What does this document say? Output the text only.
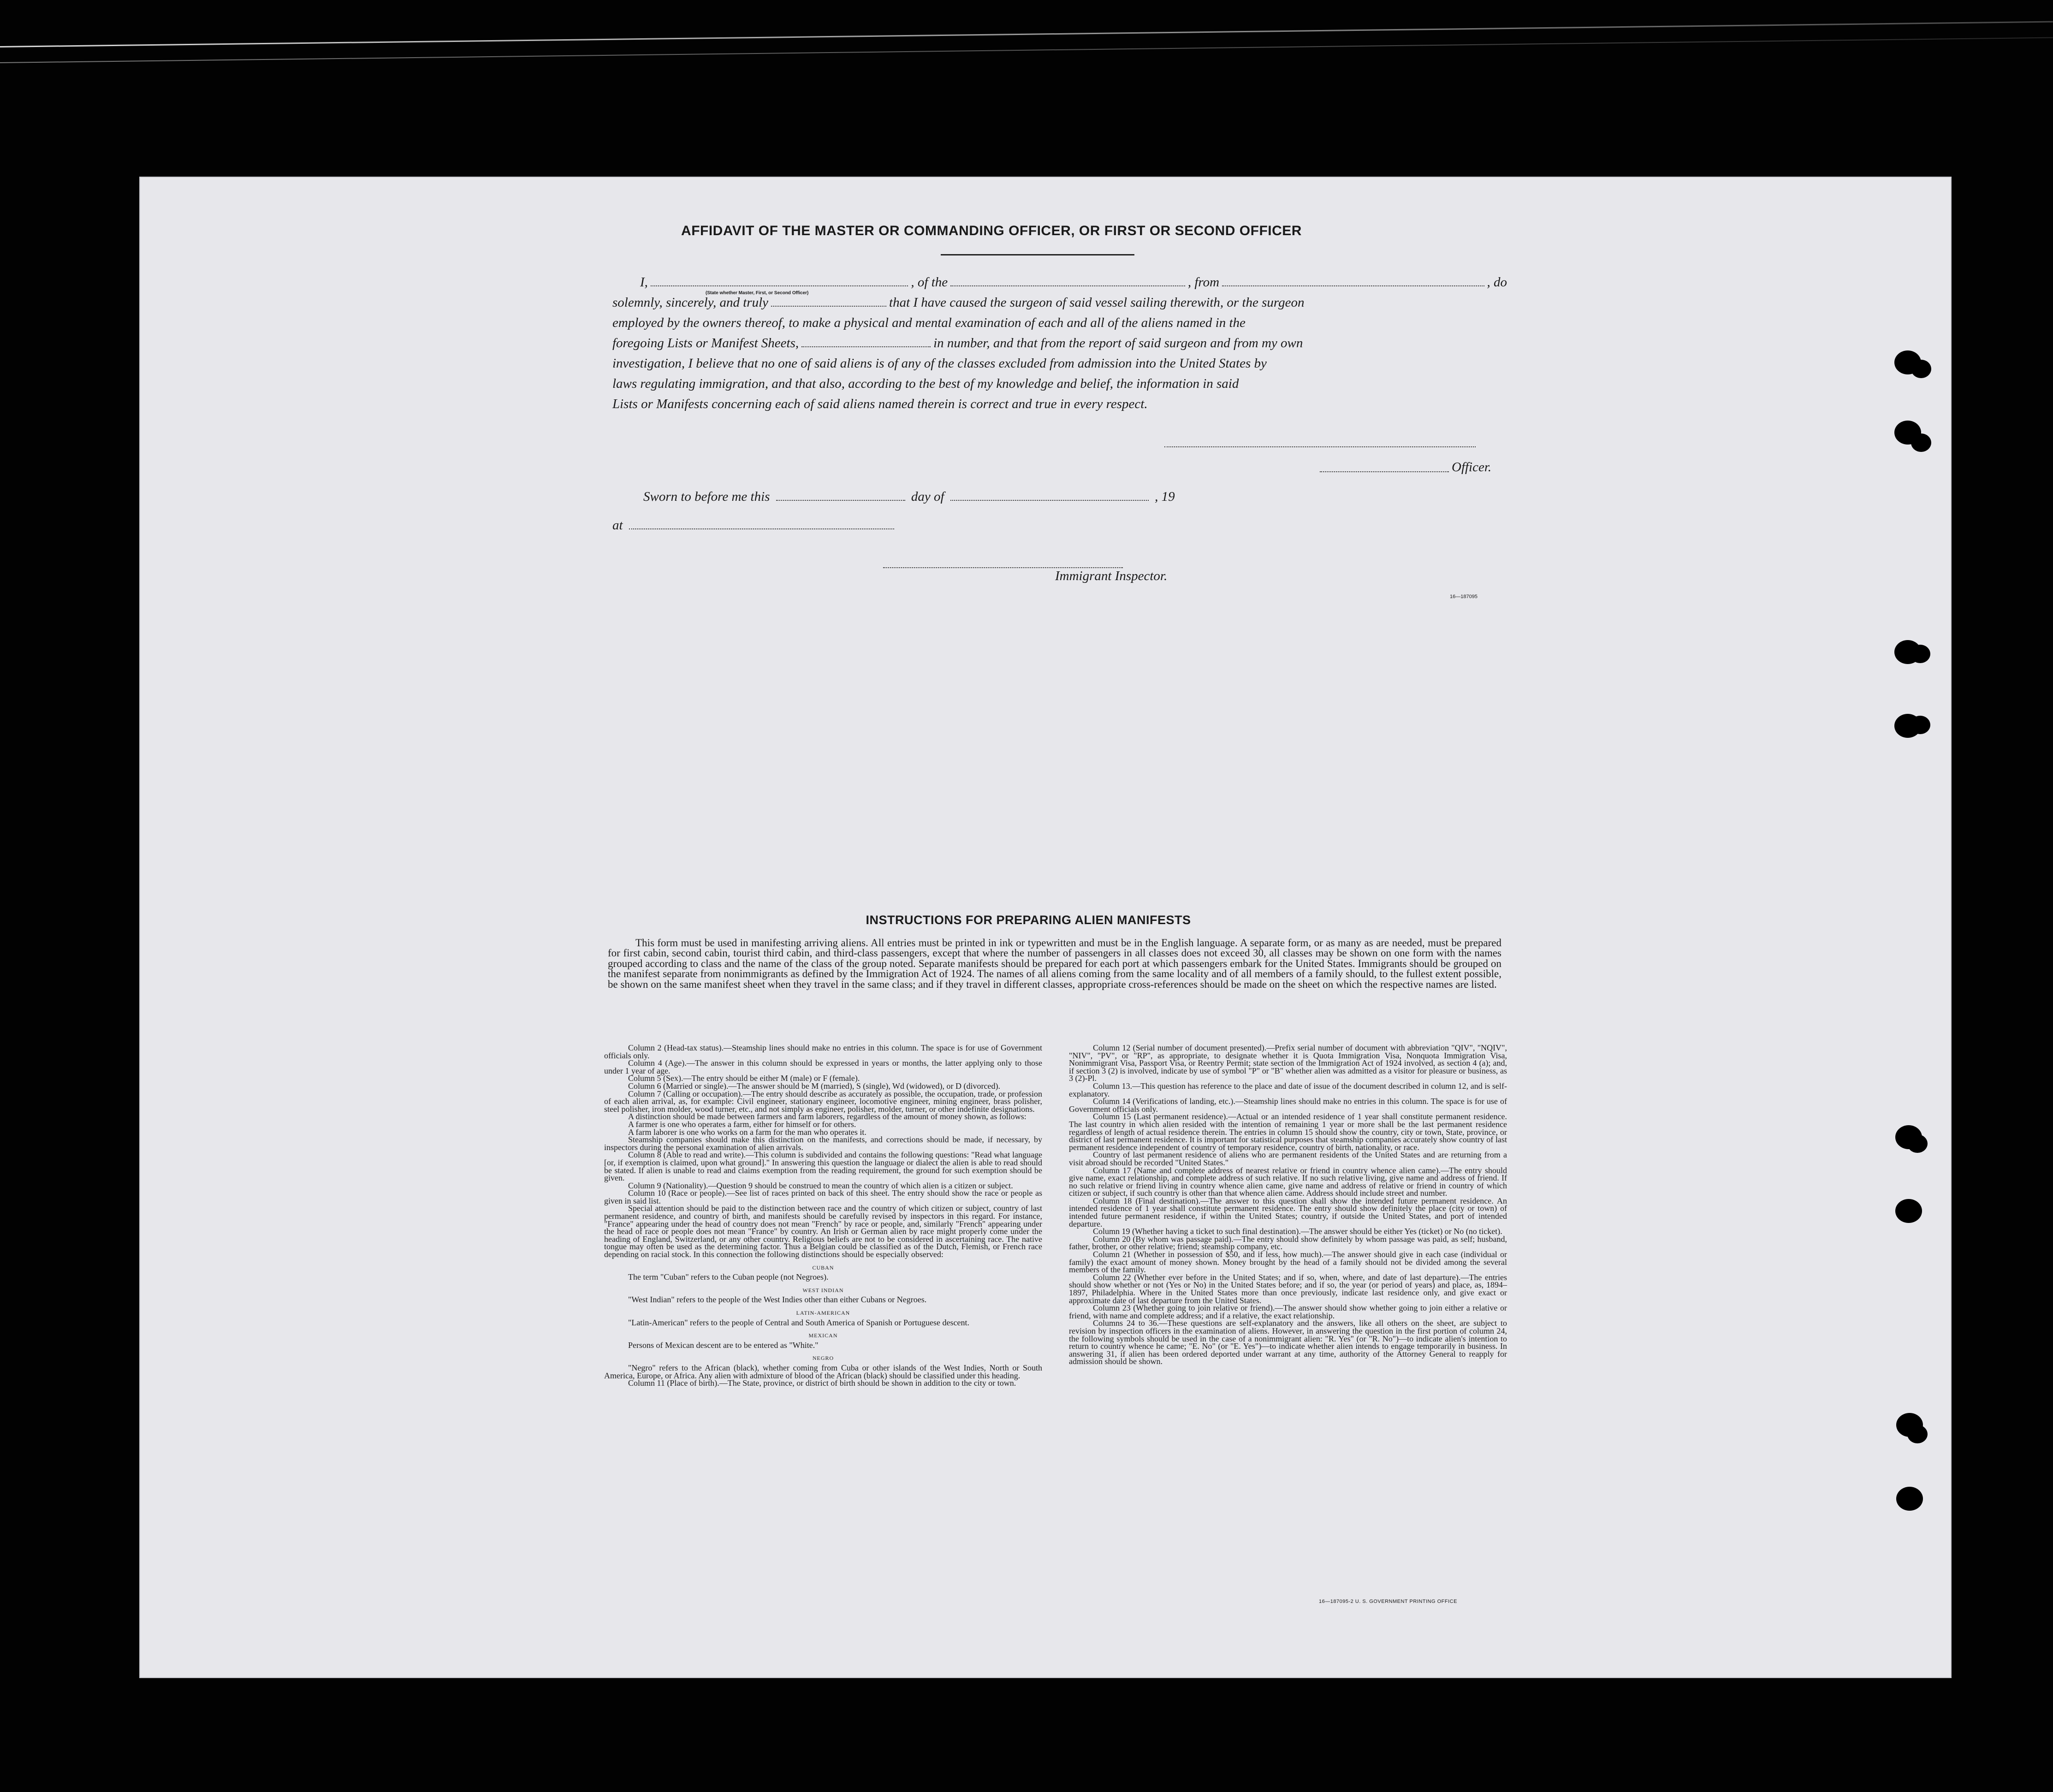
AFFIDAVIT OF THE MASTER OR COMMANDING OFFICER, OR FIRST OR SECOND OFFICER
I,	, of the	, from	, do
solemnly, sincerely, and truly	that I have caused the surgeon of said vessel sailing therewith, or the surgeon
employed by the owners thereof, to make a physical and mental examination of each and all of the aliens named in the
foregoing Lists or Manifest Sheets,	in number, and that from the report of said surgeon and from my own
investigation, I believe that no one of said aliens is of any of the classes excluded from admission into the United States by
laws regulating immigration, and that also, according to the best of my knowledge and belief, the information in said
Lists or Manifests concerning each of said aliens named therein is correct and true in every respect.
(State whether Master, First, or Second Officer)
Officer.
Sworn to before me this	day of	, 19
at
Immigrant Inspector.
16—187095
INSTRUCTIONS FOR PREPARING ALIEN MANIFESTS
This form must be used in manifesting arriving aliens. All entries must be printed in ink or typewritten and must be in the English language. A separate form, or as many as are needed, must be prepared for first cabin, second cabin, tourist third cabin, and third-class passengers, except that where the number of passengers in all classes does not exceed 30, all classes may be shown on one form with the names grouped according to class and the name of the class of the group noted. Separate manifests should be prepared for each port at which passengers embark for the United States. Immigrants should be grouped on the manifest separate from nonimmigrants as defined by the Immigration Act of 1924. The names of all aliens coming from the same locality and of all members of a family should, to the fullest extent possible, be shown on the same manifest sheet when they travel in the same class; and if they travel in different classes, appropriate cross-references should be made on the sheet on which the respective names are listed.

Column 2 (Head-tax status).—Steamship lines should make no entries in this column. The space is for use of Government officials only.

Column 4 (Age).—The answer in this column should be expressed in years or months, the latter applying only to those under 1 year of age.

Column 5 (Sex).—The entry should be either M (male) or F (female).

Column 6 (Married or single).—The answer should be M (married), S (single), Wd (widowed), or D (divorced).

Column 7 (Calling or occupation).—The entry should describe as accurately as possible, the occupation, trade, or profession of each alien arrival, as, for example: Civil engineer, stationary engineer, locomotive engineer, mining engineer, brass polisher, steel polisher, iron molder, wood turner, etc., and not simply as engineer, polisher, molder, turner, or other indefinite designations.

A distinction should be made between farmers and farm laborers, regardless of the amount of money shown, as follows:

A farmer is one who operates a farm, either for himself or for others.

A farm laborer is one who works on a farm for the man who operates it.

Steamship companies should make this distinction on the manifests, and corrections should be made, if necessary, by inspectors during the personal examination of alien arrivals.

Column 8 (Able to read and write).—This column is subdivided and contains the following questions: "Read what language [or, if exemption is claimed, upon what ground]." In answering this question the language or dialect the alien is able to read should be stated. If alien is unable to read and claims exemption from the reading requirement, the ground for such exemption should be given.

Column 9 (Nationality).—Question 9 should be construed to mean the country of which alien is a citizen or subject.

Column 10 (Race or people).—See list of races printed on back of this sheet. The entry should show the race or people as given in said list.

Special attention should be paid to the distinction between race and the country of which citizen or subject, country of last permanent residence, and country of birth, and manifests should be carefully revised by inspectors in this regard. For instance, "France" appearing under the head of country does not mean "French" by race or people, and, similarly "French" appearing under the head of race or people does not mean "France" by country. An Irish or German alien by race might properly come under the heading of England, Switzerland, or any other country. Religious beliefs are not to be considered in ascertaining race. The native tongue may often be used as the determining factor. Thus a Belgian could be classified as of the Dutch, Flemish, or French race depending on racial stock. In this connection the following distinctions should be especially observed:

CUBAN

The term "Cuban" refers to the Cuban people (not Negroes).

WEST INDIAN

"West Indian" refers to the people of the West Indies other than either Cubans or Negroes.

LATIN-AMERICAN

"Latin-American" refers to the people of Central and South America of Spanish or Portuguese descent.

MEXICAN

Persons of Mexican descent are to be entered as "White."

NEGRO

"Negro" refers to the African (black), whether coming from Cuba or other islands of the West Indies, North or South America, Europe, or Africa. Any alien with admixture of blood of the African (black) should be classified under this heading.

Column 11 (Place of birth).—The State, province, or district of birth should be shown in addition to the city or town.

Column 12 (Serial number of document presented).—Prefix serial number of document with abbreviation "QIV", "NQIV", "NIV", "PV", or "RP", as appropriate, to designate whether it is Quota Immigration Visa, Nonquota Immigration Visa, Nonimmigrant Visa, Passport Visa, or Reentry Permit; state section of the Immigration Act of 1924 involved, as section 4 (a); and, if section 3 (2) is involved, indicate by use of symbol "P" or "B" whether alien was admitted as a visitor for pleasure or business, as 3 (2)-Pl.

Column 13.—This question has reference to the place and date of issue of the document described in column 12, and is self-explanatory.

Column 14 (Verifications of landing, etc.).—Steamship lines should make no entries in this column. The space is for use of Government officials only.

Column 15 (Last permanent residence).—Actual or an intended residence of 1 year shall constitute permanent residence. The last country in which alien resided with the intention of remaining 1 year or more shall be the last permanent residence regardless of length of actual residence therein. The entries in column 15 should show the country, city or town, State, province, or district of last permanent residence. It is important for statistical purposes that steamship companies accurately show country of last permanent residence independent of country of temporary residence, country of birth, nationality, or race.

Country of last permanent residence of aliens who are permanent residents of the United States and are returning from a visit abroad should be recorded "United States."

Column 17 (Name and complete address of nearest relative or friend in country whence alien came).—The entry should give name, exact relationship, and complete address of such relative. If no such relative living, give name and address of friend. If no such relative or friend living in country whence alien came, give name and address of relative or friend in country of which citizen or subject, if such country is other than that whence alien came. Address should include street and number.

Column 18 (Final destination).—The answer to this question shall show the intended future permanent residence. An intended residence of 1 year shall constitute permanent residence. The entry should show definitely the place (city or town) of intended future permanent residence, if within the United States; country, if outside the United States, and port of intended departure.

Column 19 (Whether having a ticket to such final destination).—The answer should be either Yes (ticket) or No (no ticket).

Column 20 (By whom was passage paid).—The entry should show definitely by whom passage was paid, as self; husband, father, brother, or other relative; friend; steamship company, etc.

Column 21 (Whether in possession of $50, and if less, how much).—The answer should give in each case (individual or family) the exact amount of money shown. Money brought by the head of a family should not be divided among the several members of the family.

Column 22 (Whether ever before in the United States; and if so, when, where, and date of last departure).—The entries should show whether or not (Yes or No) in the United States before; and if so, the year (or period of years) and place, as, 1894–1897, Philadelphia. Where in the United States more than once previously, indicate last residence only, and give exact or approximate date of last departure from the United States.

Column 23 (Whether going to join relative or friend).—The answer should show whether going to join either a relative or friend, with name and complete address; and if a relative, the exact relationship.

Columns 24 to 36.—These questions are self-explanatory and the answers, like all others on the sheet, are subject to revision by inspection officers in the examination of aliens. However, in answering the question in the first portion of column 24, the following symbols should be used in the case of a nonimmigrant alien: "R. Yes" (or "R. No")—to indicate alien's intention to return to country whence he came; "E. No" (or "E. Yes")—to indicate whether alien intends to engage temporarily in business. In answering 31, if alien has been ordered deported under warrant at any time, authority of the Attorney General to reapply for admission should be shown.

16—187095-2 U. S. GOVERNMENT PRINTING OFFICE
